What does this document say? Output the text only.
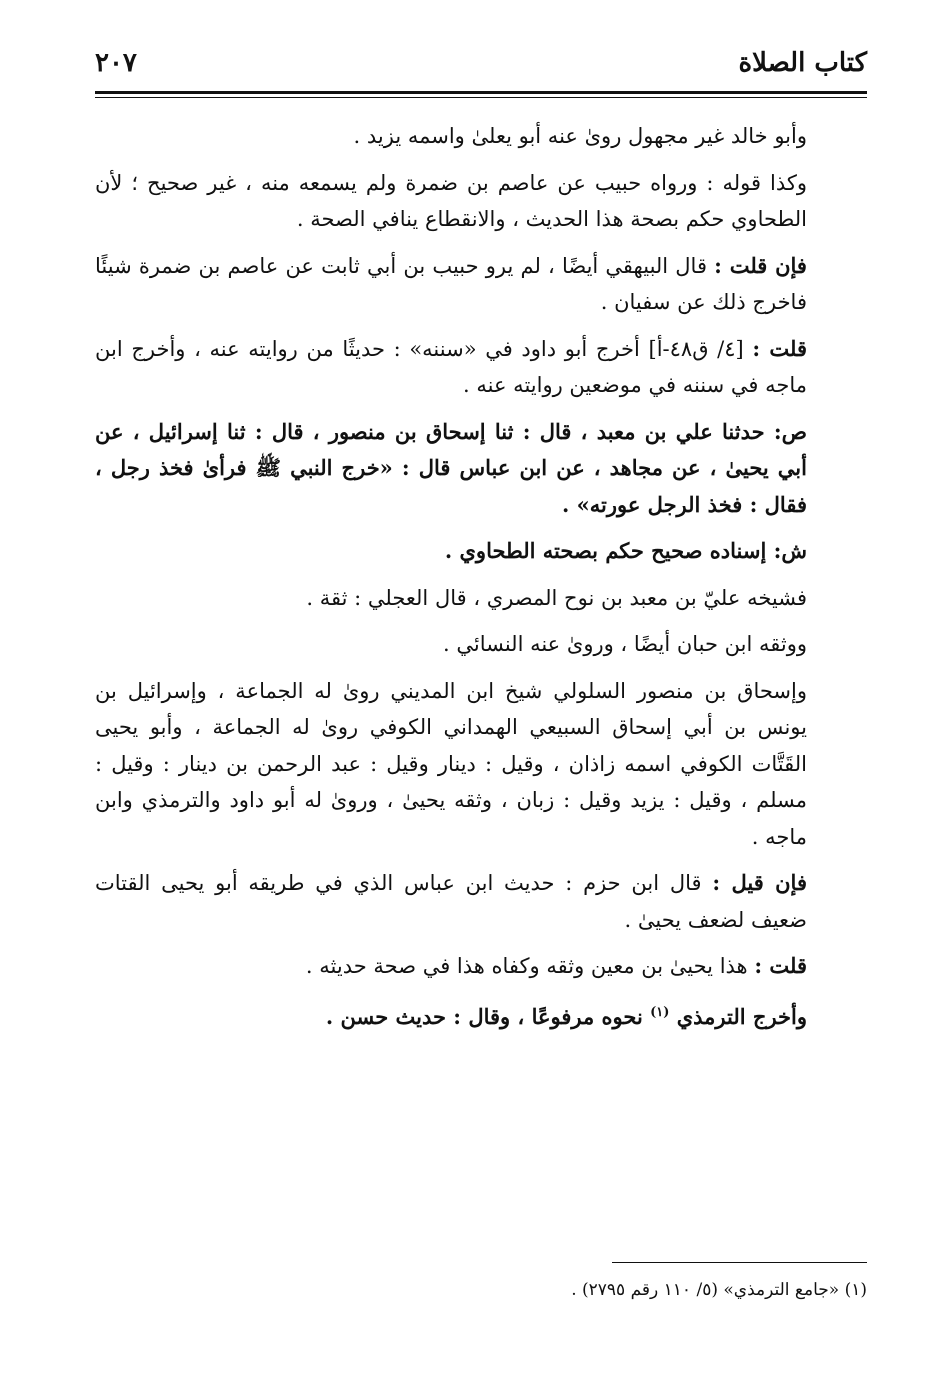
كتاب الصلاة
٢٠٧

وأبو خالد غير مجهول روىٰ عنه أبو يعلىٰ واسمه يزيد .

وكذا قوله : ورواه حبيب عن عاصم بن ضمرة ولم يسمعه منه ، غير صحيح ؛ لأن الطحاوي حكم بصحة هذا الحديث ، والانقطاع ينافي الصحة .

فإن قلت : قال البيهقي أيضًا ، لم يرو حبيب بن أبي ثابت عن عاصم بن ضمرة شيئًا فاخرج ذلك عن سفيان .

قلت : [٤/ ق٤٨-أ] أخرج أبو داود في «سننه» : حديثًا من روايته عنه ، وأخرج ابن ماجه في سننه في موضعين روايته عنه .

ص: حدثنا علي بن معبد ، قال : ثنا إسحاق بن منصور ، قال : ثنا إسرائيل ، عن أبي يحيىٰ ، عن مجاهد ، عن ابن عباس قال : «خرج النبي ﷺ فرأىٰ فخذ رجل ، فقال : فخذ الرجل عورته» .

ش: إسناده صحيح حكم بصحته الطحاوي .

فشيخه عليّ بن معبد بن نوح المصري ، قال العجلي : ثقة .

ووثقه ابن حبان أيضًا ، وروىٰ عنه النسائي .

وإسحاق بن منصور السلولي شيخ ابن المديني روىٰ له الجماعة ، وإسرائيل بن يونس بن أبي إسحاق السبيعي الهمداني الكوفي روىٰ له الجماعة ، وأبو يحيى القَتَّات الكوفي اسمه زاذان ، وقيل : دينار وقيل : عبد الرحمن بن دينار : وقيل : مسلم ، وقيل : يزيد وقيل : زبان ، وثقه يحيىٰ ، وروىٰ له أبو داود والترمذي وابن ماجه .

فإن قيل : قال ابن حزم : حديث ابن عباس الذي في طريقه أبو يحيى القتات ضعيف لضعف يحيىٰ .

قلت : هذا يحيىٰ بن معين وثقه وكفاه هذا في صحة حديثه .

وأخرج الترمذي $^{(١)}$ نحوه مرفوعًا ، وقال : حديث حسن .

(١) «جامع الترمذي» (٥/ ١١٠ رقم ٢٧٩٥) .
